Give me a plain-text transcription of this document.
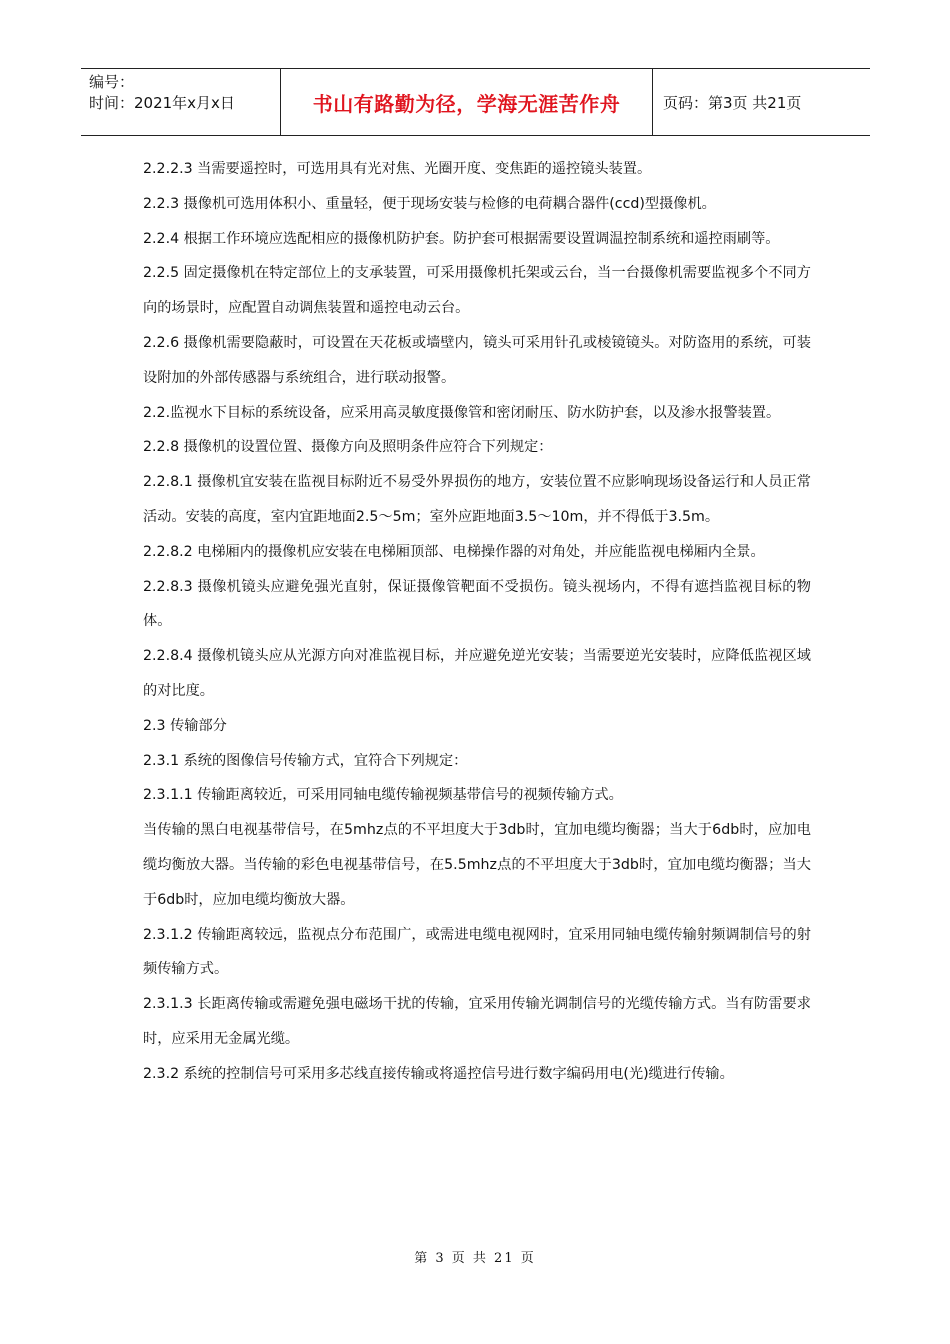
编号：
时间：2021年x月x日	书山有路勤为径，学海无涯苦作舟	页码：第3页 共21页

2.2.2.3 当需要遥控时，可选用具有光对焦、光圈开度、变焦距的遥控镜头装置。

2.2.3 摄像机可选用体积小、重量轻，便于现场安装与检修的电荷耦合器件(ccd)型摄像机。

2.2.4 根据工作环境应选配相应的摄像机防护套。防护套可根据需要设置调温控制系统和遥控雨刷等。

2.2.5 固定摄像机在特定部位上的支承装置，可采用摄像机托架或云台，当一台摄像机需要监视多个不同方向的场景时，应配置自动调焦装置和遥控电动云台。

2.2.6 摄像机需要隐蔽时，可设置在天花板或墙壁内，镜头可采用针孔或棱镜镜头。对防盗用的系统，可装设附加的外部传感器与系统组合，进行联动报警。

2.2.监视水下目标的系统设备，应采用高灵敏度摄像管和密闭耐压、防水防护套，以及渗水报警装置。

2.2.8 摄像机的设置位置、摄像方向及照明条件应符合下列规定：

2.2.8.1 摄像机宜安装在监视目标附近不易受外界损伤的地方，安装位置不应影响现场设备运行和人员正常活动。安装的高度，室内宜距地面2.5～5m；室外应距地面3.5～10m，并不得低于3.5m。

2.2.8.2 电梯厢内的摄像机应安装在电梯厢顶部、电梯操作器的对角处，并应能监视电梯厢内全景。

2.2.8.3 摄像机镜头应避免强光直射，保证摄像管靶面不受损伤。镜头视场内，不得有遮挡监视目标的物体。

2.2.8.4 摄像机镜头应从光源方向对准监视目标，并应避免逆光安装；当需要逆光安装时，应降低监视区域的对比度。

2.3 传输部分

2.3.1 系统的图像信号传输方式，宜符合下列规定：

2.3.1.1 传输距离较近，可采用同轴电缆传输视频基带信号的视频传输方式。

当传输的黑白电视基带信号，在5mhz点的不平坦度大于3db时，宜加电缆均衡器；当大于6db时，应加电缆均衡放大器。当传输的彩色电视基带信号，在5.5mhz点的不平坦度大于3db时，宜加电缆均衡器；当大于6db时，应加电缆均衡放大器。

2.3.1.2 传输距离较远，监视点分布范围广，或需进电缆电视网时，宜采用同轴电缆传输射频调制信号的射频传输方式。

2.3.1.3 长距离传输或需避免强电磁场干扰的传输，宜采用传输光调制信号的光缆传输方式。当有防雷要求时，应采用无金属光缆。

2.3.2 系统的控制信号可采用多芯线直接传输或将遥控信号进行数字编码用电(光)缆进行传输。

第 3 页 共 21 页
